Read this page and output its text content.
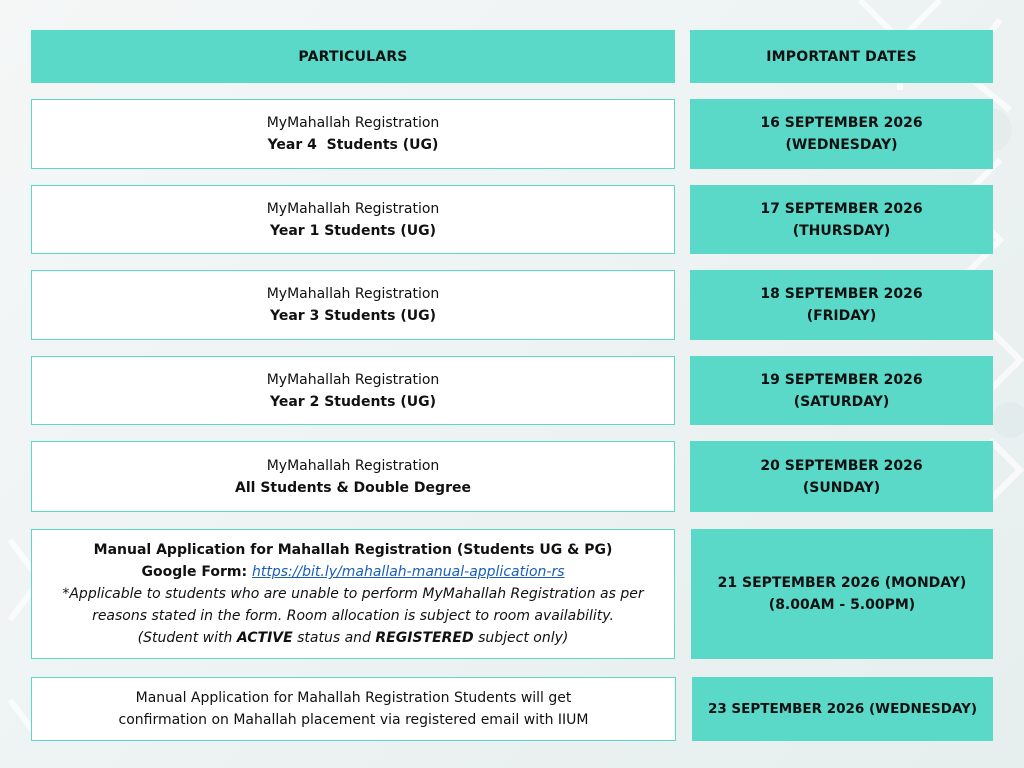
PARTICULARS	IMPORTANT DATES
MyMahallah Registration
Year 4  Students (UG)
16 SEPTEMBER 2026
(WEDNESDAY)
MyMahallah Registration
Year 1 Students (UG)
17 SEPTEMBER 2026
(THURSDAY)
MyMahallah Registration
Year 3 Students (UG)
18 SEPTEMBER 2026
(FRIDAY)
MyMahallah Registration
Year 2 Students (UG)
19 SEPTEMBER 2026
(SATURDAY)
MyMahallah Registration
All Students & Double Degree
20 SEPTEMBER 2026
(SUNDAY)
Manual Application for Mahallah Registration (Students UG & PG)
Google Form: https://bit.ly/mahallah-manual-application-rs
*Applicable to students who are unable to perform MyMahallah Registration as per
reasons stated in the form. Room allocation is subject to room availability.
(Student with ACTIVE status and REGISTERED subject only)
21 SEPTEMBER 2026 (MONDAY)
(8.00AM - 5.00PM)
Manual Application for Mahallah Registration Students will get
confirmation on Mahallah placement via registered email with IIUM
23 SEPTEMBER 2026 (WEDNESDAY)
